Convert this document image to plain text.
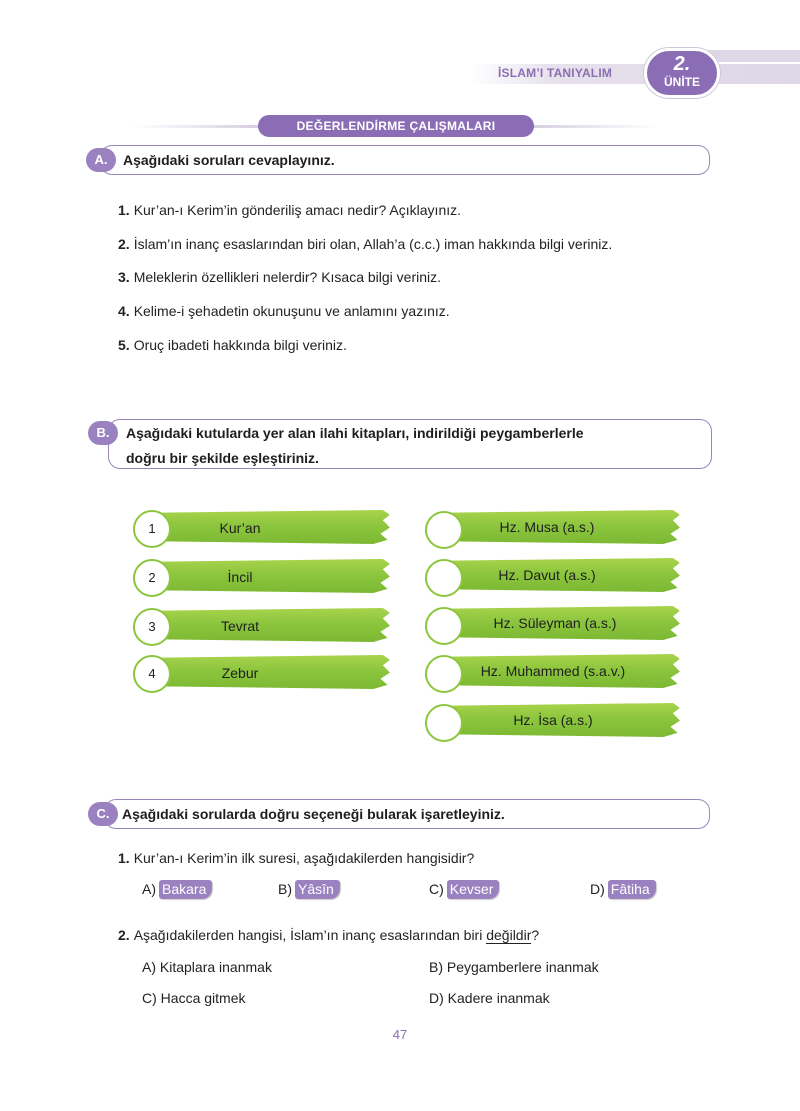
İSLAM’I TANIYALIM	2.
ÜNİTE
DEĞERLENDİRME ÇALIŞMALARI
A.	Aşağıdaki soruları cevaplayınız.
1. Kur’an-ı Kerim’in gönderiliş amacı nedir? Açıklayınız.
2. İslam’ın inanç esaslarından biri olan, Allah’a (c.c.) iman hakkında bilgi veriniz.
3. Meleklerin özellikleri nelerdir? Kısaca bilgi veriniz.
4. Kelime-i şehadetin okunuşunu ve anlamını yazınız.
5. Oruç ibadeti hakkında bilgi veriniz.
B.	Aşağıdaki kutularda yer alan ilahi kitapları, indirildiği peygamberlerle
doğru bir şekilde eşleştiriniz.
Kur’an
1
İncil
2
Tevrat
3
Zebur
4
Hz. Musa (a.s.)
Hz. Davut (a.s.)
Hz. Süleyman (a.s.)
Hz. Muhammed (s.a.v.)
Hz. İsa (a.s.)
C. Aşağıdaki sorularda doğru seçeneği bularak işaretleyiniz.
1. Kur’an-ı Kerim’in ilk suresi, aşağıdakilerden hangisidir?
A) Bakara	B) Yâsîn	C) Kevser	D) Fâtiha
2. Aşağıdakilerden hangisi, İslam’ın inanç esaslarından biri değildir?
A) Kitaplara inanmak	B) Peygamberlere inanmak
C) Hacca gitmek	D) Kadere inanmak
47
